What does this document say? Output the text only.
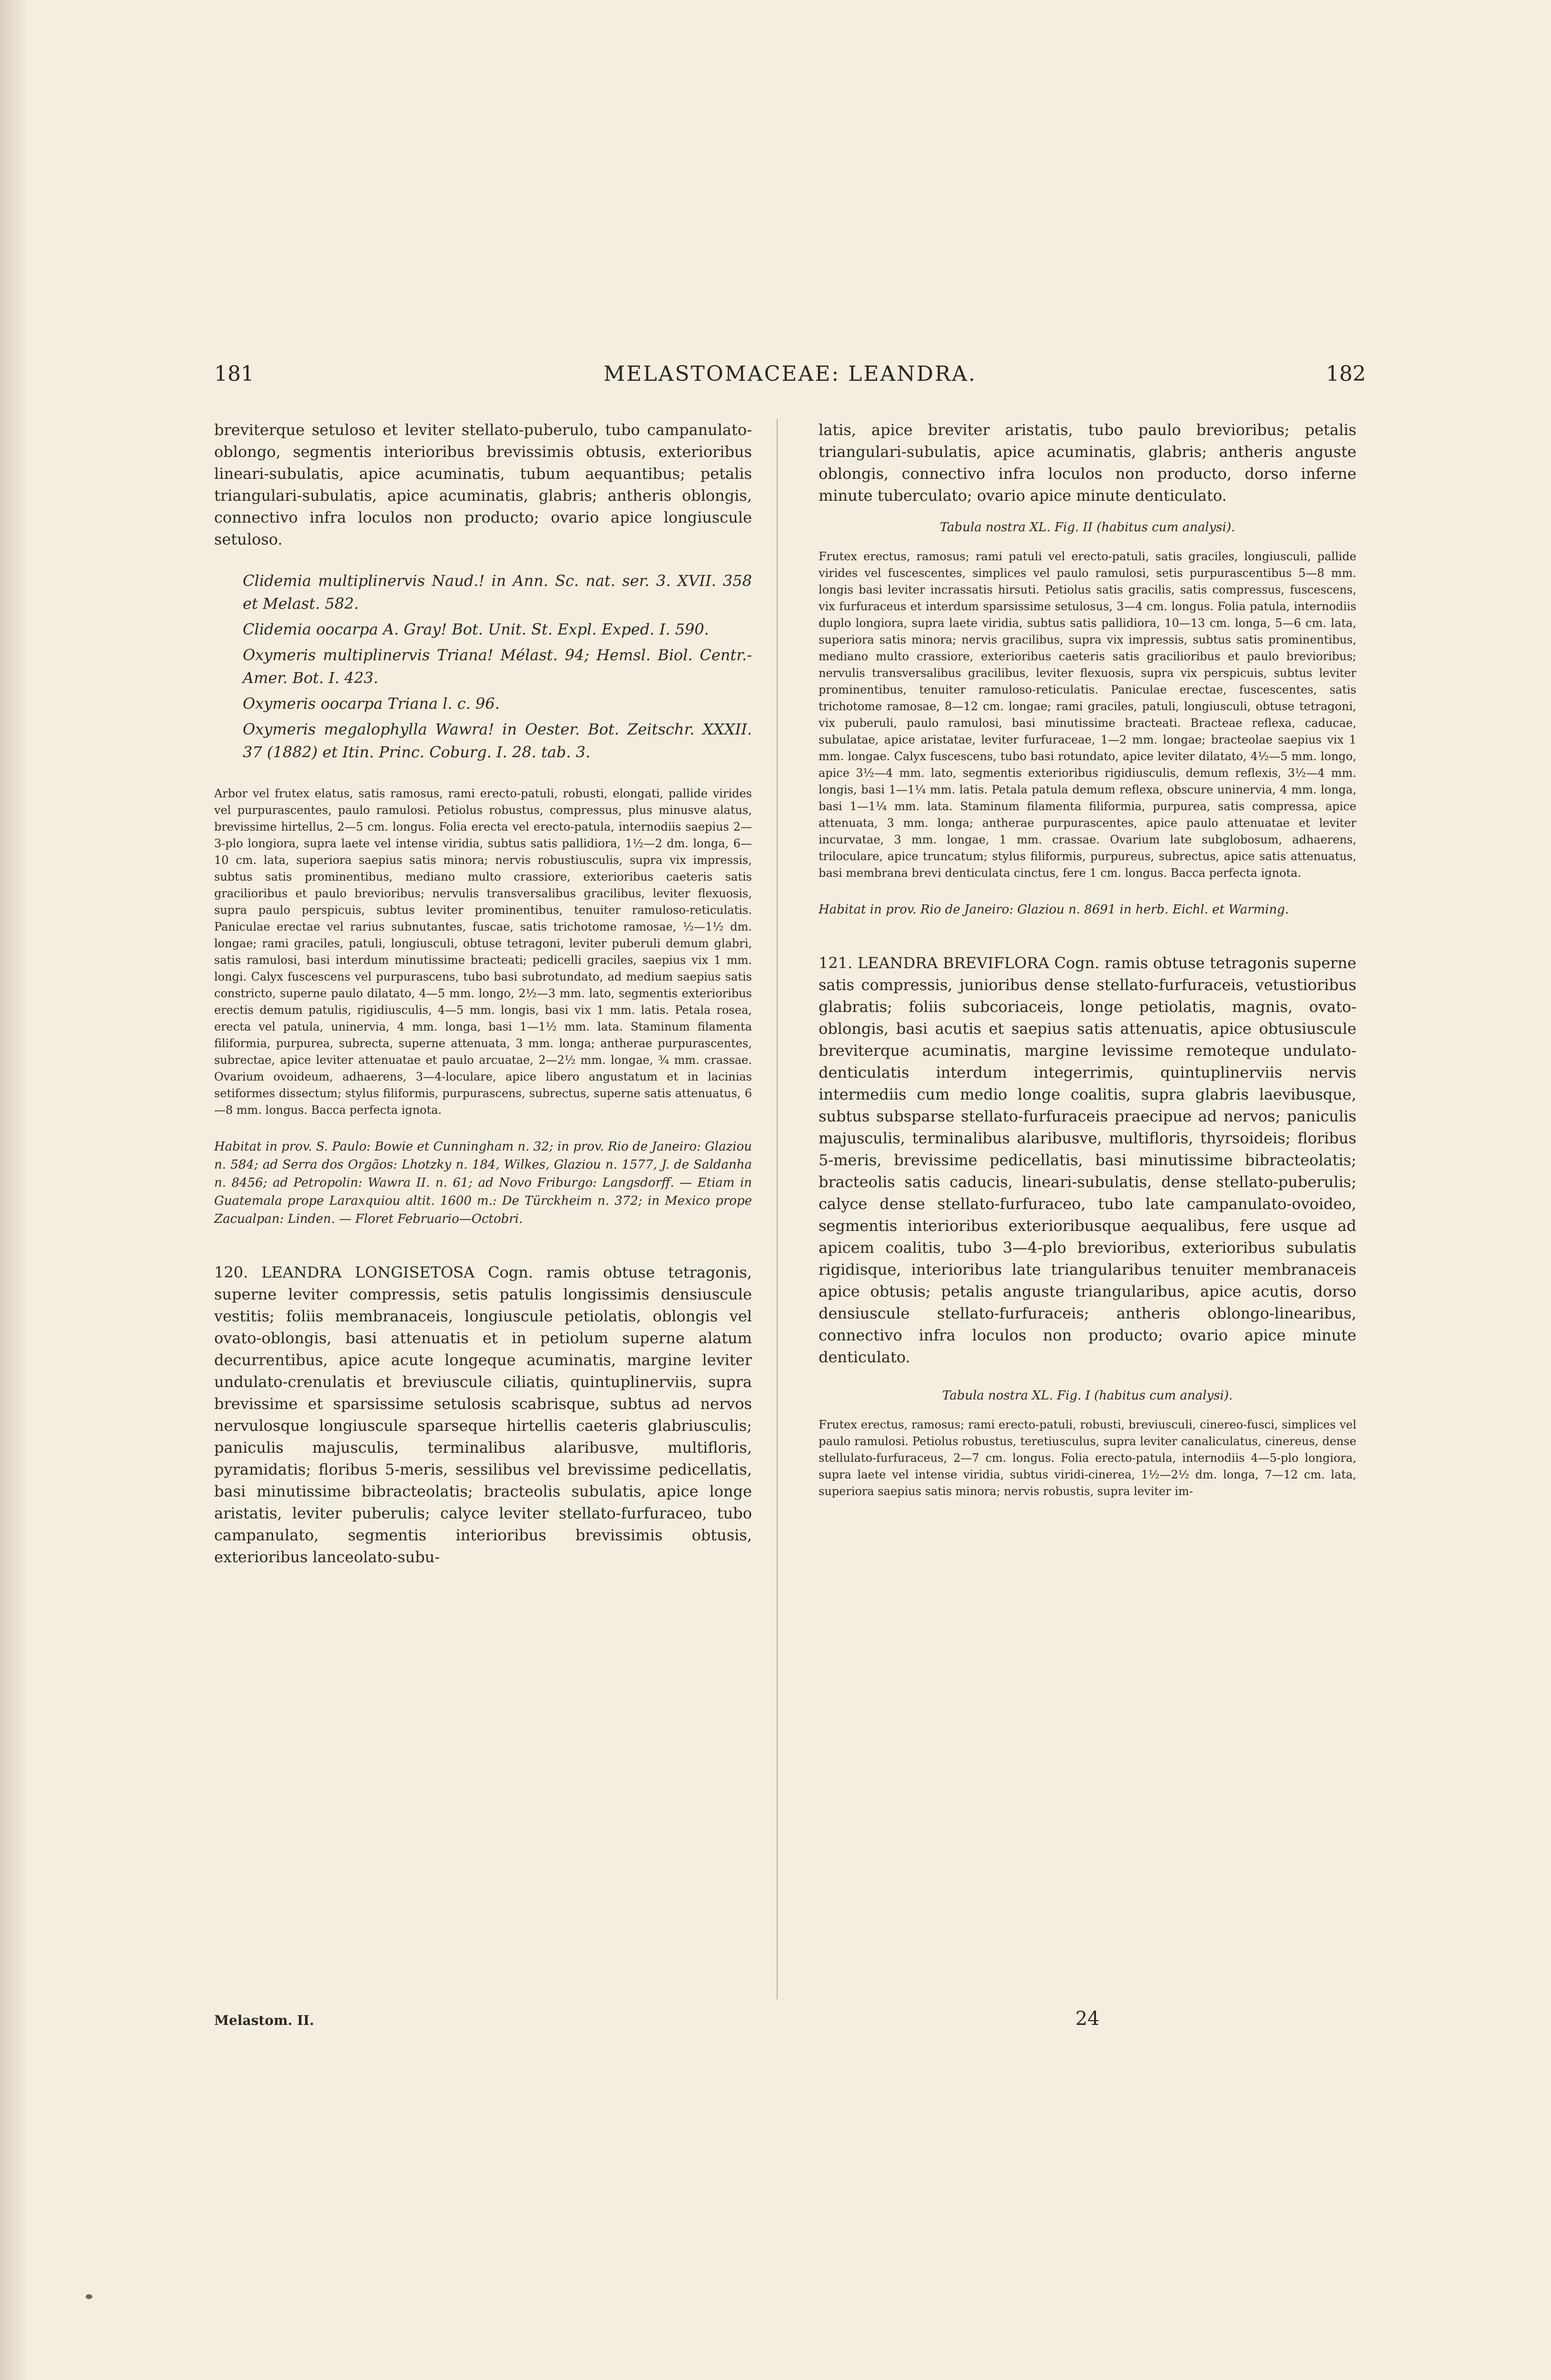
181	MELASTOMACEAE: LEANDRA.	182

breviterque setuloso et leviter stellato-puberulo, tubo campanulato-oblongo, segmentis interioribus brevissimis obtusis, exterioribus lineari-subulatis, apice acuminatis, tubum aequantibus; petalis triangulari-subulatis, apice acuminatis, glabris; antheris oblongis, connectivo infra loculos non producto; ovario apice longiuscule setuloso.

Clidemia multiplinervis Naud.! in Ann. Sc. nat. ser. 3. XVII. 358 et Melast. 582.

Clidemia oocarpa A. Gray! Bot. Unit. St. Expl. Exped. I. 590.

Oxymeris multiplinervis Triana! Mélast. 94; Hemsl. Biol. Centr.-Amer. Bot. I. 423.

Oxymeris oocarpa Triana l. c. 96.

Oxymeris megalophylla Wawra! in Oester. Bot. Zeitschr. XXXII. 37 (1882) et Itin. Princ. Coburg. I. 28. tab. 3.

Arbor vel frutex elatus, satis ramosus, rami erecto-patuli, robusti, elongati, pallide virides vel purpurascentes, paulo ramulosi. Petiolus robustus, compressus, plus minusve alatus, brevissime hirtellus, 2—5 cm. longus. Folia erecta vel erecto-patula, internodiis saepius 2—3-plo longiora, supra laete vel intense viridia, subtus satis pallidiora, 1½—2 dm. longa, 6—10 cm. lata, superiora saepius satis minora; nervis robustiusculis, supra vix impressis, subtus satis prominentibus, mediano multo crassiore, exterioribus caeteris satis gracilioribus et paulo brevioribus; nervulis transversalibus gracilibus, leviter flexuosis, supra paulo perspicuis, subtus leviter prominentibus, tenuiter ramuloso-reticulatis. Paniculae erectae vel rarius subnutantes, fuscae, satis trichotome ramosae, ½—1½ dm. longae; rami graciles, patuli, longiusculi, obtuse tetragoni, leviter puberuli demum glabri, satis ramulosi, basi interdum minutissime bracteati; pedicelli graciles, saepius vix 1 mm. longi. Calyx fuscescens vel purpurascens, tubo basi subrotundato, ad medium saepius satis constricto, superne paulo dilatato, 4—5 mm. longo, 2½—3 mm. lato, segmentis exterioribus erectis demum patulis, rigidiusculis, 4—5 mm. longis, basi vix 1 mm. latis. Petala rosea, erecta vel patula, uninervia, 4 mm. longa, basi 1—1½ mm. lata. Staminum filamenta filiformia, purpurea, subrecta, superne attenuata, 3 mm. longa; antherae purpurascentes, subrectae, apice leviter attenuatae et paulo arcuatae, 2—2½ mm. longae, ¾ mm. crassae. Ovarium ovoideum, adhaerens, 3—4-loculare, apice libero angustatum et in lacinias setiformes dissectum; stylus filiformis, purpurascens, subrectus, superne satis attenuatus, 6—8 mm. longus. Bacca perfecta ignota.

Habitat in prov. S. Paulo: Bowie et Cunningham n. 32; in prov. Rio de Janeiro: Glaziou n. 584; ad Serra dos Orgãos: Lhotzky n. 184, Wilkes, Glaziou n. 1577, J. de Saldanha n. 8456; ad Petropolin: Wawra II. n. 61; ad Novo Friburgo: Langsdorff. — Etiam in Guatemala prope Laraxquiou altit. 1600 m.: De Türckheim n. 372; in Mexico prope Zacualpan: Linden. — Floret Februario—Octobri.

120. LEANDRA LONGISETOSA Cogn. ramis obtuse tetragonis, superne leviter compressis, setis patulis longissimis densiuscule vestitis; foliis membranaceis, longiuscule petiolatis, oblongis vel ovato-oblongis, basi attenuatis et in petiolum superne alatum decurrentibus, apice acute longeque acuminatis, margine leviter undulato-crenulatis et breviuscule ciliatis, quintuplinerviis, supra brevissime et sparsissime setulosis scabrisque, subtus ad nervos nervulosque longiuscule sparseque hirtellis caeteris glabriusculis; paniculis majusculis, terminalibus alaribusve, multifloris, pyramidatis; floribus 5-meris, sessilibus vel brevissime pedicellatis, basi minutissime bibracteolatis; bracteolis subulatis, apice longe aristatis, leviter puberulis; calyce leviter stellato-furfuraceo, tubo campanulato, segmentis interioribus brevissimis obtusis, exterioribus lanceolato-subu-

latis, apice breviter aristatis, tubo paulo brevioribus; petalis triangulari-subulatis, apice acuminatis, glabris; antheris anguste oblongis, connectivo infra loculos non producto, dorso inferne minute tuberculato; ovario apice minute denticulato.

Tabula nostra XL. Fig. II (habitus cum analysi).

Frutex erectus, ramosus; rami patuli vel erecto-patuli, satis graciles, longiusculi, pallide virides vel fuscescentes, simplices vel paulo ramulosi, setis purpurascentibus 5—8 mm. longis basi leviter incrassatis hirsuti. Petiolus satis gracilis, satis compressus, fuscescens, vix furfuraceus et interdum sparsissime setulosus, 3—4 cm. longus. Folia patula, internodiis duplo longiora, supra laete viridia, subtus satis pallidiora, 10—13 cm. longa, 5—6 cm. lata, superiora satis minora; nervis gracilibus, supra vix impressis, subtus satis prominentibus, mediano multo crassiore, exterioribus caeteris satis gracilioribus et paulo brevioribus; nervulis transversalibus gracilibus, leviter flexuosis, supra vix perspicuis, subtus leviter prominentibus, tenuiter ramuloso-reticulatis. Paniculae erectae, fuscescentes, satis trichotome ramosae, 8—12 cm. longae; rami graciles, patuli, longiusculi, obtuse tetragoni, vix puberuli, paulo ramulosi, basi minutissime bracteati. Bracteae reflexa, caducae, subulatae, apice aristatae, leviter furfuraceae, 1—2 mm. longae; bracteolae saepius vix 1 mm. longae. Calyx fuscescens, tubo basi rotundato, apice leviter dilatato, 4½—5 mm. longo, apice 3½—4 mm. lato, segmentis exterioribus rigidiusculis, demum reflexis, 3½—4 mm. longis, basi 1—1¼ mm. latis. Petala patula demum reflexa, obscure uninervia, 4 mm. longa, basi 1—1¼ mm. lata. Staminum filamenta filiformia, purpurea, satis compressa, apice attenuata, 3 mm. longa; antherae purpurascentes, apice paulo attenuatae et leviter incurvatae, 3 mm. longae, 1 mm. crassae. Ovarium late subglobosum, adhaerens, triloculare, apice truncatum; stylus filiformis, purpureus, subrectus, apice satis attenuatus, basi membrana brevi denticulata cinctus, fere 1 cm. longus. Bacca perfecta ignota.

Habitat in prov. Rio de Janeiro: Glaziou n. 8691 in herb. Eichl. et Warming.

121. LEANDRA BREVIFLORA Cogn. ramis obtuse tetragonis superne satis compressis, junioribus dense stellato-furfuraceis, vetustioribus glabratis; foliis subcoriaceis, longe petiolatis, magnis, ovato-oblongis, basi acutis et saepius satis attenuatis, apice obtusiuscule breviterque acuminatis, margine levissime remoteque undulato-denticulatis interdum integerrimis, quintuplinerviis nervis intermediis cum medio longe coalitis, supra glabris laevibusque, subtus subsparse stellato-furfuraceis praecipue ad nervos; paniculis majusculis, terminalibus alaribusve, multifloris, thyrsoideis; floribus 5-meris, brevissime pedicellatis, basi minutissime bibracteolatis; bracteolis satis caducis, lineari-subulatis, dense stellato-puberulis; calyce dense stellato-furfuraceo, tubo late campanulato-ovoideo, segmentis interioribus exterioribusque aequalibus, fere usque ad apicem coalitis, tubo 3—4-plo brevioribus, exterioribus subulatis rigidisque, interioribus late triangularibus tenuiter membranaceis apice obtusis; petalis anguste triangularibus, apice acutis, dorso densiuscule stellato-furfuraceis; antheris oblongo-linearibus, connectivo infra loculos non producto; ovario apice minute denticulato.

Tabula nostra XL. Fig. I (habitus cum analysi).

Frutex erectus, ramosus; rami erecto-patuli, robusti, breviusculi, cinereo-fusci, simplices vel paulo ramulosi. Petiolus robustus, teretiusculus, supra leviter canaliculatus, cinereus, dense stellulato-furfuraceus, 2—7 cm. longus. Folia erecto-patula, internodiis 4—5-plo longiora, supra laete vel intense viridia, subtus viridi-cinerea, 1½—2½ dm. longa, 7—12 cm. lata, superiora saepius satis minora; nervis robustis, supra leviter im-

Melastom. II.	24
